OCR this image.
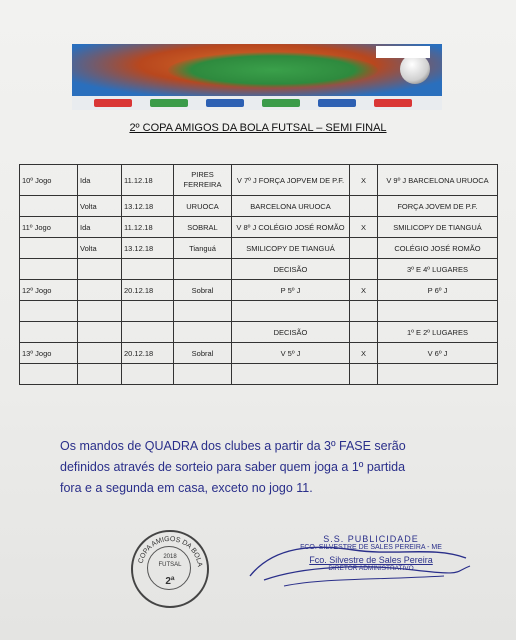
2º COPA AMIGOS DA BOLA FUTSAL – SEMI FINAL
10º Jogo	Ida	11.12.18	PIRES FERREIRA	V 7º J FORÇA JOPVEM DE P.F.	X	V 9º J BARCELONA URUOCA
	Volta	13.12.18	URUOCA	BARCELONA URUOCA		FORÇA JOVEM DE P.F.
11º Jogo	Ida	11.12.18	SOBRAL	V 8º J COLÉGIO JOSÉ ROMÃO	X	SMILICOPY DE TIANGUÁ
	Volta	13.12.18	Tianguá	SMILICOPY DE TIANGUÁ		COLÉGIO JOSÉ ROMÃO
				DECISÃO		3º E 4º LUGARES
12º Jogo		20.12.18	Sobral	P 5º J	X	P 6º J

				DECISÃO		1º E 2º LUGARES
13º Jogo		20.12.18	Sobral	V 5º J	X	V 6º J

Os mandos de QUADRA dos clubes a partir da 3º FASE serão
definidos através de sorteio para saber quem joga a 1º partida
fora e a segunda em casa, exceto no jogo 11.
COPA AMIGOS DA BOLA
2018
FUTSAL
2ª
S.S. PUBLICIDADE
FCO. SILVESTRE DE SALES PEREIRA - ME
Fco. Silvestre de Sales Pereira
DIRETOR ADMINISTRATIVO
